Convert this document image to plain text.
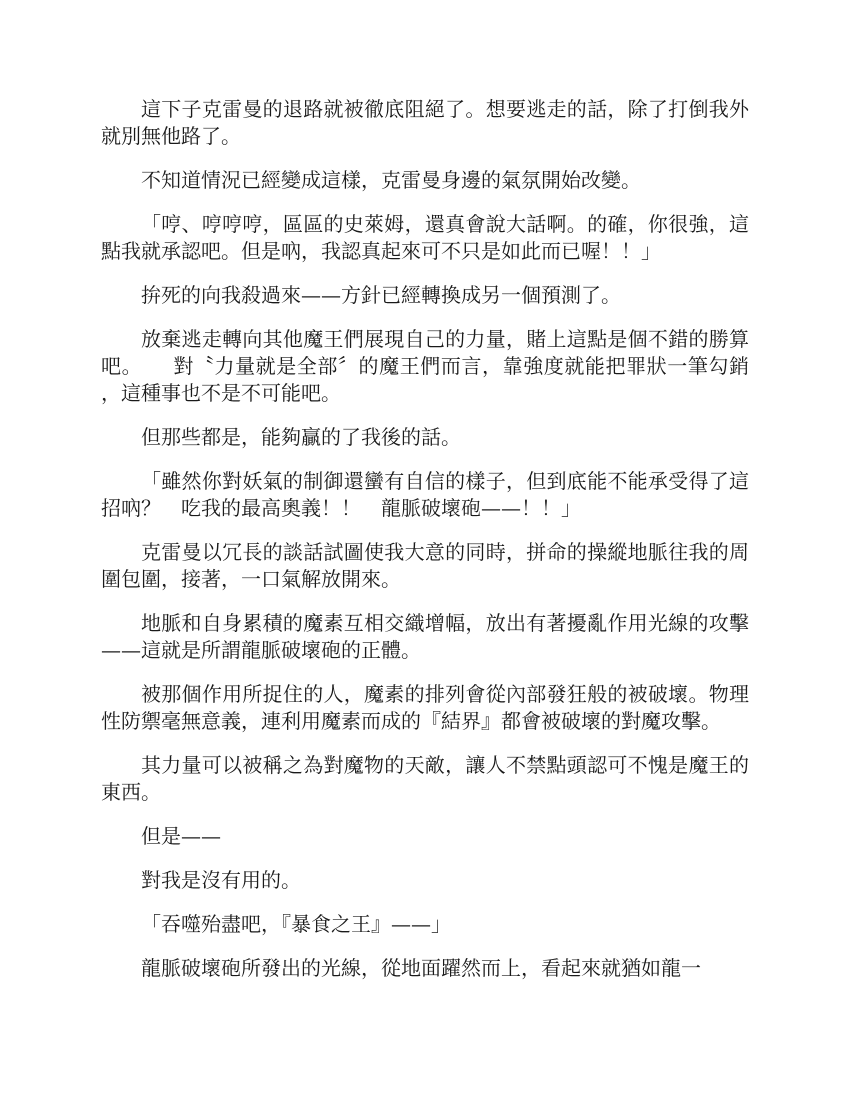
這下子克雷曼的退路就被徹底阻絕了。想要逃走的話，除了打倒我外就別無他路了。

不知道情況已經變成這樣，克雷曼身邊的氣氛開始改變。

「哼、哼哼哼，區區的史萊姆，還真會說大話啊。的確，你很強，這點我就承認吧。但是吶，我認真起來可不只是如此而已喔！！」

拚死的向我殺過來——方針已經轉換成另一個預測了。

放棄逃走轉向其他魔王們展現自己的力量，賭上這點是個不錯的勝算吧。　　對〝力量就是全部〞的魔王們而言，靠強度就能把罪狀一筆勾銷，這種事也不是不可能吧。

但那些都是，能夠贏的了我後的話。

「雖然你對妖氣的制御還蠻有自信的樣子，但到底能不能承受得了這招吶？　吃我的最高奧義！！　龍脈破壞砲——！！」

克雷曼以冗長的談話試圖使我大意的同時，拼命的操縱地脈往我的周圍包圍，接著，一口氣解放開來。

地脈和自身累積的魔素互相交織增幅，放出有著擾亂作用光線的攻擊——這就是所謂龍脈破壞砲的正體。

被那個作用所捉住的人，魔素的排列會從內部發狂般的被破壞。物理性防禦毫無意義，連利用魔素而成的『結界』都會被破壞的對魔攻擊。

其力量可以被稱之為對魔物的天敵，讓人不禁點頭認可不愧是魔王的東西。

但是——

對我是沒有用的。

「吞噬殆盡吧，『暴食之王』——」

龍脈破壞砲所發出的光線，從地面躍然而上，看起來就猶如龍一
